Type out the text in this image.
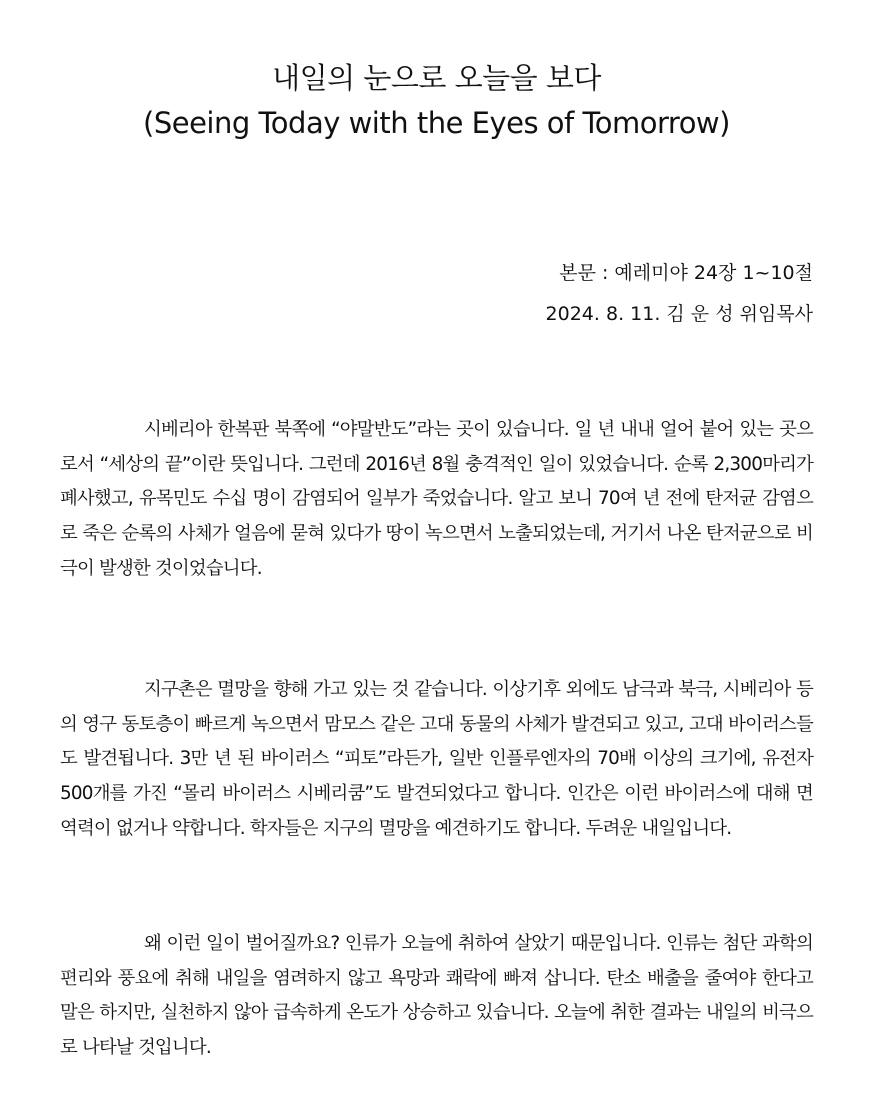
내일의 눈으로 오늘을 보다
(Seeing Today with the Eyes of Tomorrow)
본문 : 예레미야 24장 1~10절
2024. 8. 11. 김 운 성 위임목사

시베리아 한복판 북쪽에 “야말반도”라는 곳이 있습니다. 일 년 내내 얼어 붙어 있는 곳으로서 “세상의 끝”이란 뜻입니다. 그런데 2016년 8월 충격적인 일이 있었습니다. 순록 2,300마리가 폐사했고, 유목민도 수십 명이 감염되어 일부가 죽었습니다. 알고 보니 70여 년 전에 탄저균 감염으로 죽은 순록의 사체가 얼음에 묻혀 있다가 땅이 녹으면서 노출되었는데, 거기서 나온 탄저균으로 비극이 발생한 것이었습니다.

지구촌은 멸망을 향해 가고 있는 것 같습니다. 이상기후 외에도 남극과 북극, 시베리아 등의 영구 동토층이 빠르게 녹으면서 맘모스 같은 고대 동물의 사체가 발견되고 있고, 고대 바이러스들도 발견됩니다. 3만 년 된 바이러스 “피토”라든가, 일반 인플루엔자의 70배 이상의 크기에, 유전자 500개를 가진 “몰리 바이러스 시베리쿰”도 발견되었다고 합니다. 인간은 이런 바이러스에 대해 면역력이 없거나 약합니다. 학자들은 지구의 멸망을 예견하기도 합니다. 두려운 내일입니다.

왜 이런 일이 벌어질까요? 인류가 오늘에 취하여 살았기 때문입니다. 인류는 첨단 과학의 편리와 풍요에 취해 내일을 염려하지 않고 욕망과 쾌락에 빠져 삽니다. 탄소 배출을 줄여야 한다고 말은 하지만, 실천하지 않아 급속하게 온도가 상승하고 있습니다. 오늘에 취한 결과는 내일의 비극으로 나타날 것입니다.
